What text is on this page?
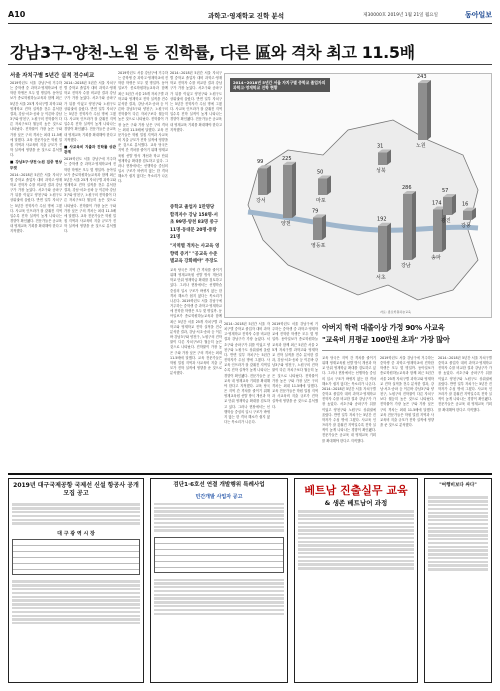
A10	과학고·영재학교 진학 분석	제30000호 2019년 1월 21일 월요일	동아일보
강남3구-양천-노원 등 진학률, 다른 區와 격차 최고 11.5배
서울 자치구별 5년간 실적 전수비교
2019학년도 서울 강남구에 거주하는 중학생 중 과학고·영재학교에 진학한 학생은 모두 몇 명일까. 동아일보가 종로학원하늘교육과 함께 최근 5년간 서울 25개 자치구별 과학고와 영재학교 진학 실적을 전수 분석한 결과, 강남·서초·송파 등 이른바 강남3구와 양천구, 노원구의 진학률이 다른 자치구보다 월등히 높은 것으로 나타났다. 진학률이 가장 높은 구와 가장 낮은 구의 격차는 최대 11.5배에 달했다. 교육 전문가들은 학원 밀집 지역과 사교육비 지출 규모가 진학 실적에 영향을 준 것으로 분석했다.
■ 강남3구·양천·노원 집중 현상 뚜렷
2014∼2018년 5년간 서울 자치구별 중학교 졸업자 대비 과학고·영재학교 진학자 수를 비교한 결과 강남구가 가장 높았다. 서초구와 송파구가 뒤를 이었고 양천구와 노원구도 상위권에 올랐다. 반면 일부 자치구는 5년간 진학자가 수십 명에 그쳤다. 사교육 인프라가 잘 갖춰진 지역일수록 진학 실적이 높게 나타나는 경향이 확인됐다. 전문가들은 공교육 내 영재교육 기회를 확대해야 한다고 지적했다.
2014∼2018년 5년간 서울 자치구별 중학교 졸업자 대비 과학고·영재학교 진학자 수를 비교한 결과 강남구가 가장 높았다. 서초구와 송파구가 뒤를 이었고 양천구와 노원구도 상위권에 올랐다. 반면 일부 자치구는 5년간 진학자가 수십 명에 그쳤다. 사교육 인프라가 잘 갖춰진 지역일수록 진학 실적이 높게 나타나는 경향이 확인됐다. 전문가들은 공교육 내 영재교육 기회를 확대해야 한다고 지적했다.
■ 사교육비 지출과 진학률 상관관계
2019학년도 서울 강남구에 거주하는 중학생 중 과학고·영재학교에 진학한 학생은 모두 몇 명일까. 동아일보가 종로학원하늘교육과 함께 최근 5년간 서울 25개 자치구별 과학고와 영재학교 진학 실적을 전수 분석한 결과, 강남·서초·송파 등 이른바 강남3구와 양천구, 노원구의 진학률이 다른 자치구보다 월등히 높은 것으로 나타났다. 진학률이 가장 높은 구와 가장 낮은 구의 격차는 최대 11.5배에 달했다. 교육 전문가들은 학원 밀집 지역과 사교육비 지출 규모가 진학 실적에 영향을 준 것으로 분석했다.
2019학년도 서울 강남구에 거주하는 중학생 중 과학고·영재학교에 진학한 학생은 모두 몇 명일까. 동아일보가 종로학원하늘교육과 함께 최근 5년간 서울 25개 자치구별 과학고와 영재학교 진학 실적을 전수 분석한 결과, 강남·서초·송파 등 이른바 강남3구와 양천구, 노원구의 진학률이 다른 자치구보다 월등히 높은 것으로 나타났다. 진학률이 가장 높은 구와 가장 낮은 구의 격차는 최대 11.5배에 달했다. 교육 전문가들은 학원 밀집 지역과 사교육비 지출 규모가 진학 실적에 영향을 준 것으로 분석했다. 교육 당국은 지역 간 격차를 줄이기 위해 영재교육원 선발 방식 개선과 학교 단위 영재학급 확대를 검토하고 있다. 그러나 현장에서는 선행학습 중심의 입시 구조가 바뀌지 않는 한 격차 해소가 쉽지 않다는 목소리가 나온다.
2014∼2018년 5년간 서울 자치구별 중학교 졸업자 대비 과학고·영재학교 진학자 수를 비교한 결과 강남구가 가장 높았다. 서초구와 송파구가 뒤를 이었고 양천구와 노원구도 상위권에 올랐다. 반면 일부 자치구는 5년간 진학자가 수십 명에 그쳤다. 사교육 인프라가 잘 갖춰진 지역일수록 진학 실적이 높게 나타나는 경향이 확인됐다. 전문가들은 공교육 내 영재교육 기회를 확대해야 한다고 지적했다.
중학교 졸업자 1만명당 합격자수 강남 158명·서초 99명·양천 83명 중구 11명·동대문 20명·중랑 21명
"지역별 격차는 사교육 영향력 증거" "공교육 수준별교육 강화해야" 주장도
교육 당국은 지역 간 격차를 줄이기 위해 영재교육원 선발 방식 개선과 학교 단위 영재학급 확대를 검토하고 있다. 그러나 현장에서는 선행학습 중심의 입시 구조가 바뀌지 않는 한 격차 해소가 쉽지 않다는 목소리가 나온다. 2019학년도 서울 강남구에 거주하는 중학생 중 과학고·영재학교에 진학한 학생은 모두 몇 명일까. 동아일보가 종로학원하늘교육과 함께 최근 5년간 서울 25개 자치구별 과학고와 영재학교 진학 실적을 전수 분석한 결과, 강남·서초·송파 등 이른바 강남3구와 양천구, 노원구의 진학률이 다른 자치구보다 월등히 높은 것으로 나타났다. 진학률이 가장 높은 구와 가장 낮은 구의 격차는 최대 11.5배에 달했다. 교육 전문가들은 학원 밀집 지역과 사교육비 지출 규모가 진학 실적에 영향을 준 것으로 분석했다.
2014∼2018년 5년간 서울 자치구별 중학교 졸업자 대비 과학고·영재학교 진학자 수를 비교한 결과 강남구가 가장 높았다. 서초구와 송파구가 뒤를 이었고 양천구와 노원구도 상위권에 올랐다. 반면 일부 자치구는 5년간 진학자가 수십 명에 그쳤다. 사교육 인프라가 잘 갖춰진 지역일수록 진학 실적이 높게 나타나는 경향이 확인됐다. 전문가들은 공교육 내 영재교육 기회를 확대해야 한다고 지적했다. 교육 당국은 지역 간 격차를 줄이기 위해 영재교육원 선발 방식 개선과 학교 단위 영재학급 확대를 검토하고 있다. 그러나 현장에서는 선행학습 중심의 입시 구조가 바뀌지 않는 한 격차 해소가 쉽지 않다는 목소리가 나온다.
2019학년도 서울 강남구에 거주하는 중학생 중 과학고·영재학교에 진학한 학생은 모두 몇 명일까. 동아일보가 종로학원하늘교육과 함께 최근 5년간 서울 25개 자치구별 과학고와 영재학교 진학 실적을 전수 분석한 결과, 강남·서초·송파 등 이른바 강남3구와 양천구, 노원구의 진학률이 다른 자치구보다 월등히 높은 것으로 나타났다. 진학률이 가장 높은 구와 가장 낮은 구의 격차는 최대 11.5배에 달했다. 교육 전문가들은 학원 밀집 지역과 사교육비 지출 규모가 진학 실적에 영향을 준 것으로 분석했다.
2014∼2018년 5년간 서울 자치구별 중학교 졸업자의 과학고·영재학교 진학 현황
286
강남
192
서초
174
송파
225
양천
243
노원
99
강서
79
영등포
50
마포
31
성북
57
광진
16
강동
자료: 종로학원하늘교육
아버지 학력 대졸이상 가정 90% 사교육
"교육비 月평균 100만원 초과" 가장 많아
교육 당국은 지역 간 격차를 줄이기 위해 영재교육원 선발 방식 개선과 학교 단위 영재학급 확대를 검토하고 있다. 그러나 현장에서는 선행학습 중심의 입시 구조가 바뀌지 않는 한 격차 해소가 쉽지 않다는 목소리가 나온다. 2014∼2018년 5년간 서울 자치구별 중학교 졸업자 대비 과학고·영재학교 진학자 수를 비교한 결과 강남구가 가장 높았다. 서초구와 송파구가 뒤를 이었고 양천구와 노원구도 상위권에 올랐다. 반면 일부 자치구는 5년간 진학자가 수십 명에 그쳤다. 사교육 인프라가 잘 갖춰진 지역일수록 진학 실적이 높게 나타나는 경향이 확인됐다. 전문가들은 공교육 내 영재교육 기회를 확대해야 한다고 지적했다.
2019학년도 서울 강남구에 거주하는 중학생 중 과학고·영재학교에 진학한 학생은 모두 몇 명일까. 동아일보가 종로학원하늘교육과 함께 최근 5년간 서울 25개 자치구별 과학고와 영재학교 진학 실적을 전수 분석한 결과, 강남·서초·송파 등 이른바 강남3구와 양천구, 노원구의 진학률이 다른 자치구보다 월등히 높은 것으로 나타났다. 진학률이 가장 높은 구와 가장 낮은 구의 격차는 최대 11.5배에 달했다. 교육 전문가들은 학원 밀집 지역과 사교육비 지출 규모가 진학 실적에 영향을 준 것으로 분석했다.
2014∼2018년 5년간 서울 자치구별 중학교 졸업자 대비 과학고·영재학교 진학자 수를 비교한 결과 강남구가 가장 높았다. 서초구와 송파구가 뒤를 이었고 양천구와 노원구도 상위권에 올랐다. 반면 일부 자치구는 5년간 진학자가 수십 명에 그쳤다. 사교육 인프라가 잘 갖춰진 지역일수록 진학 실적이 높게 나타나는 경향이 확인됐다. 전문가들은 공교육 내 영재교육 기회를 확대해야 한다고 지적했다.
2019년 대구국제공항 국제선 신설 항공사 공개모집 공고
대 구 광 역 시 장
검단1·6호선 연결 개발행위 특례사업
민간개발 사업자 공고	베트남 진출실무 교육
& 생존 베트남어 과정
"여행비보다 싸다"
